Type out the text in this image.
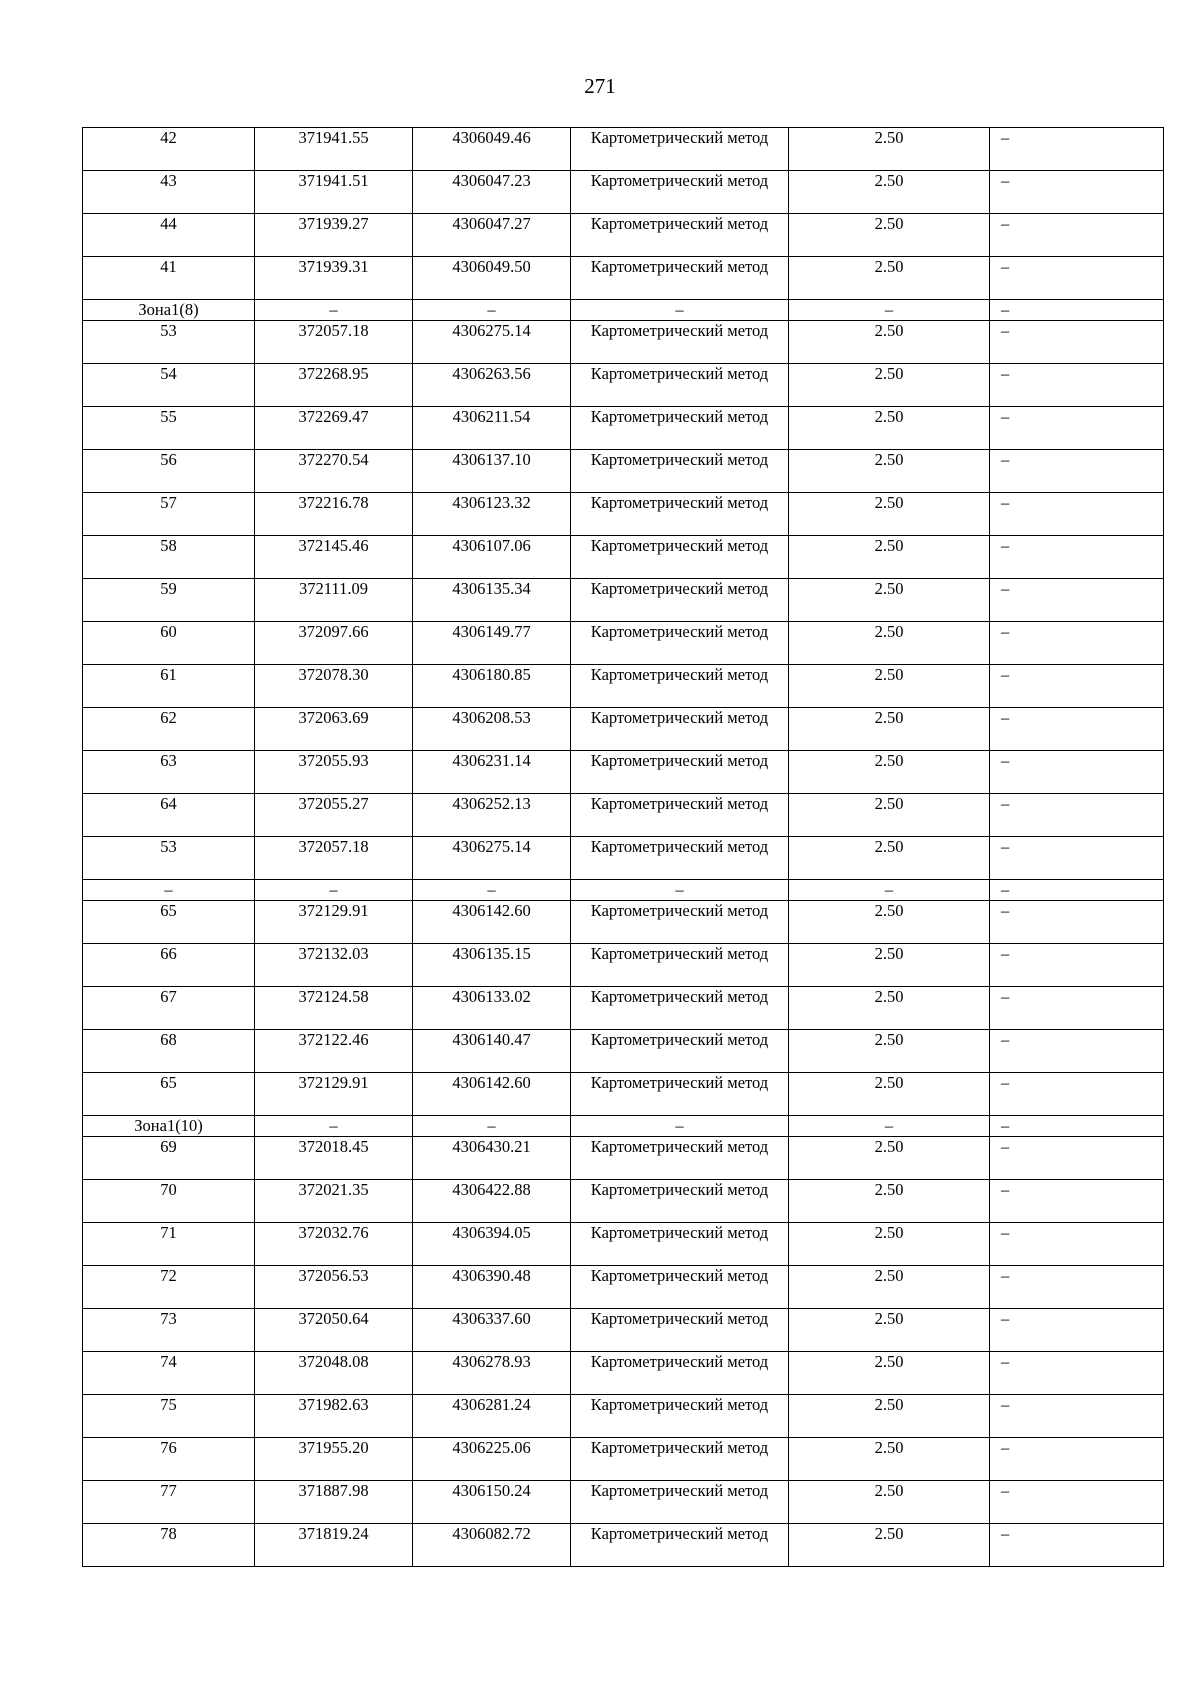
271
42	371941.55	4306049.46	Картометрический метод	2.50	–
43	371941.51	4306047.23	Картометрический метод	2.50	–
44	371939.27	4306047.27	Картометрический метод	2.50	–
41	371939.31	4306049.50	Картометрический метод	2.50	–
Зона1(8)	–	–	–	–	–
53	372057.18	4306275.14	Картометрический метод	2.50	–
54	372268.95	4306263.56	Картометрический метод	2.50	–
55	372269.47	4306211.54	Картометрический метод	2.50	–
56	372270.54	4306137.10	Картометрический метод	2.50	–
57	372216.78	4306123.32	Картометрический метод	2.50	–
58	372145.46	4306107.06	Картометрический метод	2.50	–
59	372111.09	4306135.34	Картометрический метод	2.50	–
60	372097.66	4306149.77	Картометрический метод	2.50	–
61	372078.30	4306180.85	Картометрический метод	2.50	–
62	372063.69	4306208.53	Картометрический метод	2.50	–
63	372055.93	4306231.14	Картометрический метод	2.50	–
64	372055.27	4306252.13	Картометрический метод	2.50	–
53	372057.18	4306275.14	Картометрический метод	2.50	–
–	–	–	–	–	–
65	372129.91	4306142.60	Картометрический метод	2.50	–
66	372132.03	4306135.15	Картометрический метод	2.50	–
67	372124.58	4306133.02	Картометрический метод	2.50	–
68	372122.46	4306140.47	Картометрический метод	2.50	–
65	372129.91	4306142.60	Картометрический метод	2.50	–
Зона1(10)	–	–	–	–	–
69	372018.45	4306430.21	Картометрический метод	2.50	–
70	372021.35	4306422.88	Картометрический метод	2.50	–
71	372032.76	4306394.05	Картометрический метод	2.50	–
72	372056.53	4306390.48	Картометрический метод	2.50	–
73	372050.64	4306337.60	Картометрический метод	2.50	–
74	372048.08	4306278.93	Картометрический метод	2.50	–
75	371982.63	4306281.24	Картометрический метод	2.50	–
76	371955.20	4306225.06	Картометрический метод	2.50	–
77	371887.98	4306150.24	Картометрический метод	2.50	–
78	371819.24	4306082.72	Картометрический метод	2.50	–
